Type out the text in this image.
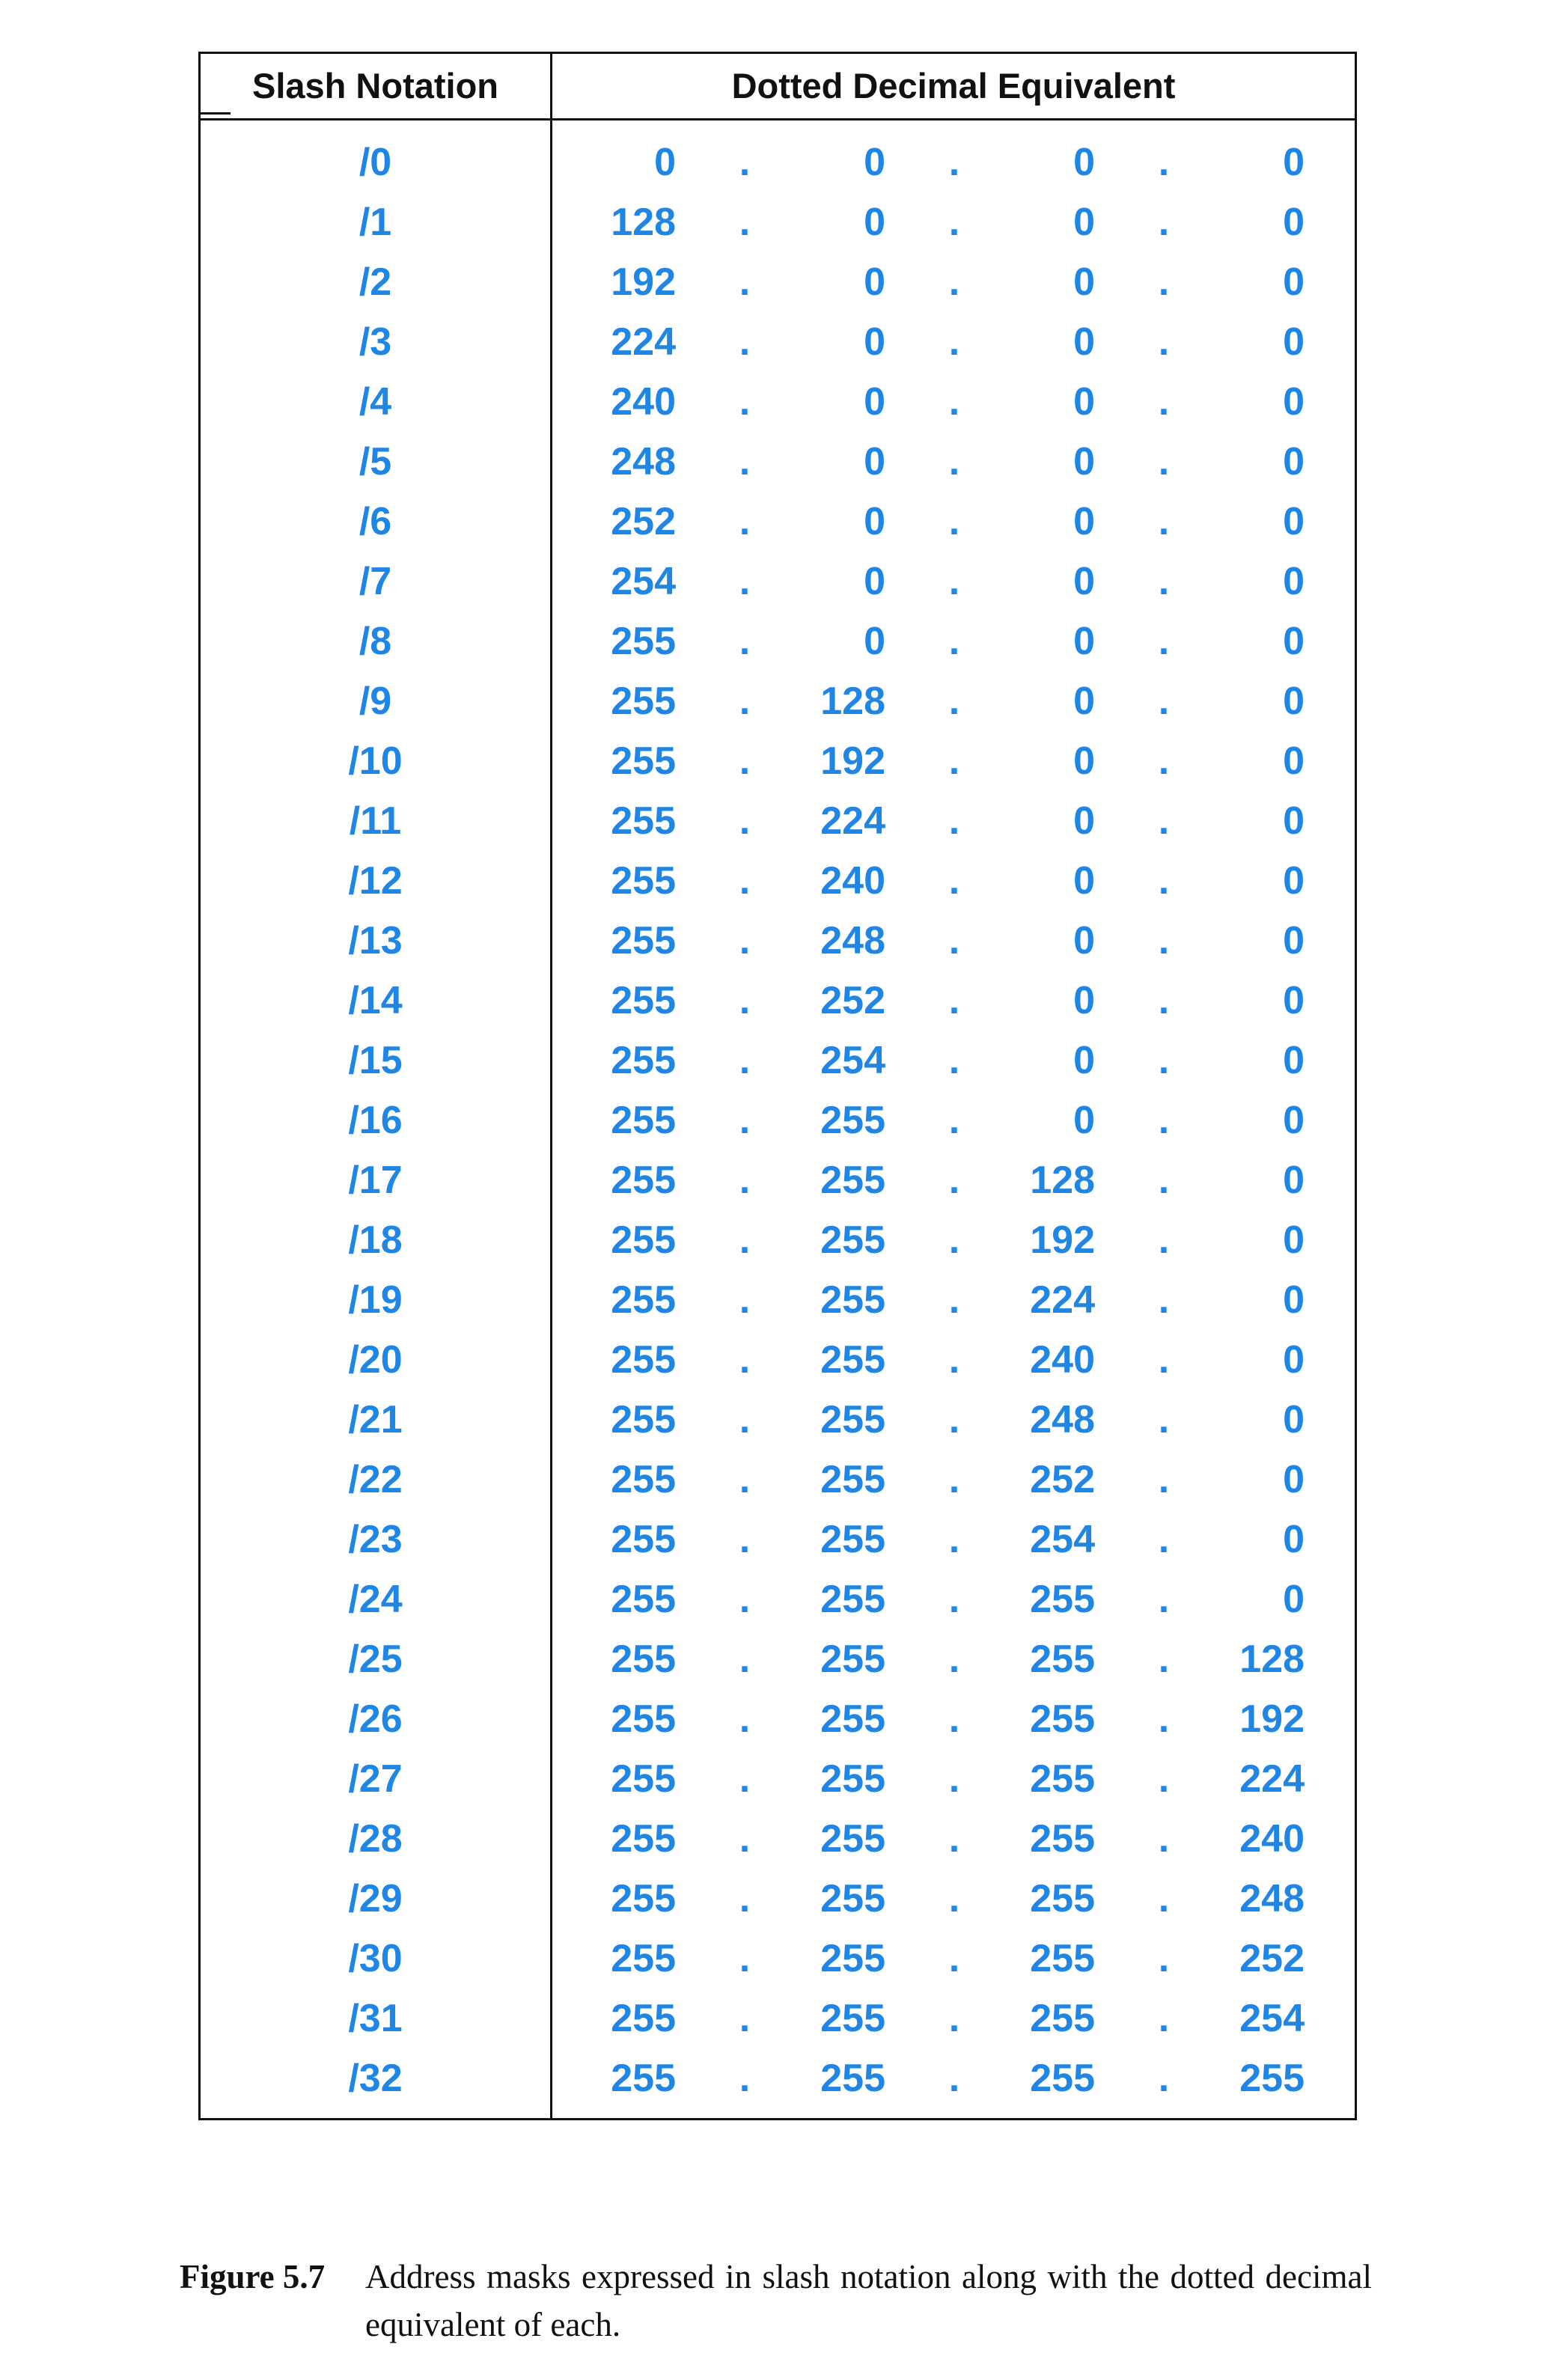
Slash Notation	Dotted Decimal Equivalent
/0	0 .	0 .	0 .	0
/1	128 .	0 .	0 .	0
/2	192 .	0 .	0 .	0
/3	224 .	0 .	0 .	0
/4	240 .	0 .	0 .	0
/5	248 .	0 .	0 .	0
/6	252 .	0 .	0 .	0
/7	254 .	0 .	0 .	0
/8	255 .	0 .	0 .	0
/9	255 .	128 .	0 .	0
/10	255 .	192 .	0 .	0
/11	255 .	224 .	0 .	0
/12	255 .	240 .	0 .	0
/13	255 .	248 .	0 .	0
/14	255 .	252 .	0 .	0
/15	255 .	254 .	0 .	0
/16	255 .	255 .	0 .	0
/17	255 .	255 .	128 .	0
/18	255 .	255 .	192 .	0
/19	255 .	255 .	224 .	0
/20	255 .	255 .	240 .	0
/21	255 .	255 .	248 .	0
/22	255 .	255 .	252 .	0
/23	255 .	255 .	254 .	0
/24	255 .	255 .	255 .	0
/25	255 .	255 .	255 .	128
/26	255 .	255 .	255 .	192
/27	255 .	255 .	255 .	224
/28	255 .	255 .	255 .	240
/29	255 .	255 .	255 .	248
/30	255 .	255 .	255 .	252
/31	255 .	255 .	255 .	254
/32	255 .	255 .	255 .	255
Figure 5.7 Address masks expressed in slash notation along with the dotted decimal equivalent of each.
